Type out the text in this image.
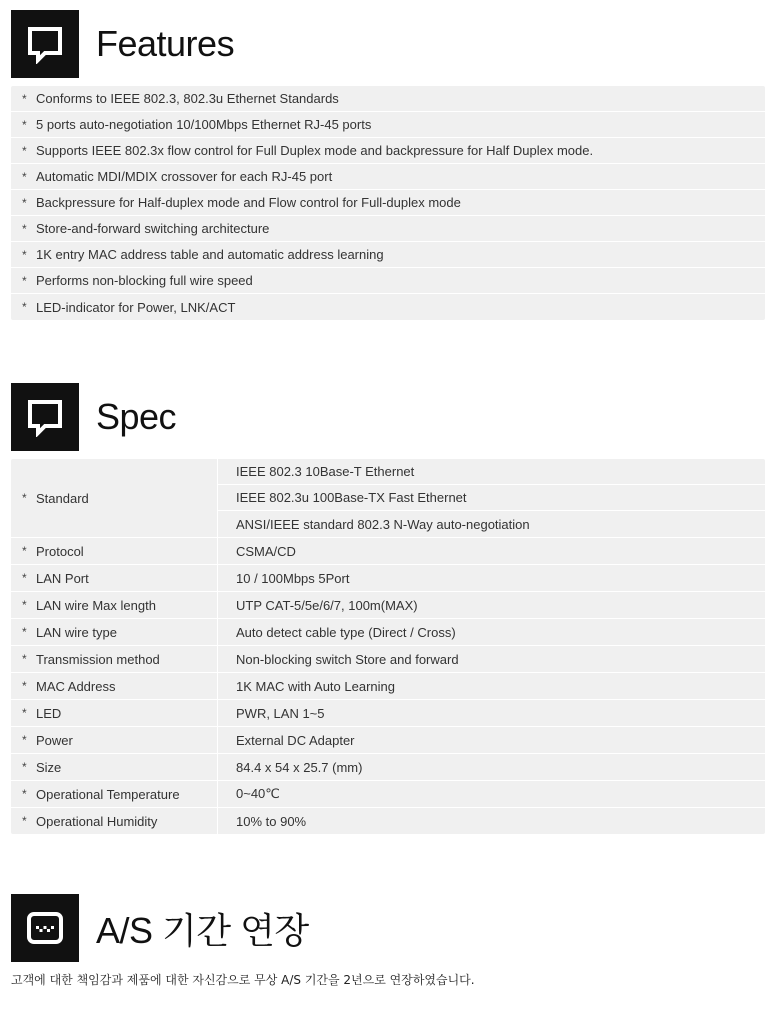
Features
* Conforms to IEEE 802.3, 802.3u Ethernet Standards
* 5 ports auto-negotiation 10/100Mbps Ethernet RJ-45 ports
* Supports IEEE 802.3x flow control for Full Duplex mode and backpressure for Half Duplex mode.
* Automatic MDI/MDIX crossover for each RJ-45 port
* Backpressure for Half-duplex mode and Flow control for Full-duplex mode
* Store-and-forward switching architecture
* 1K entry MAC address table and automatic address learning
* Performs non-blocking full wire speed
* LED-indicator for Power, LNK/ACT
Spec
* Standard
IEEE 802.3 10Base-T Ethernet
IEEE 802.3u 100Base-TX Fast Ethernet
ANSI/IEEE standard 802.3 N-Way auto-negotiation
* Protocol	CSMA/CD
* LAN Port	10 / 100Mbps 5Port
* LAN wire Max length	UTP CAT-5/5e/6/7, 100m(MAX)
* LAN wire type	Auto detect cable type (Direct / Cross)
* Transmission method	Non-blocking switch Store and forward
* MAC Address	1K MAC with Auto Learning
* LED	PWR, LAN 1~5
* Power	External DC Adapter
* Size	84.4 x 54 x 25.7 (mm)
* Operational Temperature	0~40℃
* Operational Humidity	10% to 90%
A/S 기간 연장
고객에 대한 책임감과 제품에 대한 자신감으로 무상 A/S 기간을 2년으로 연장하였습니다.
